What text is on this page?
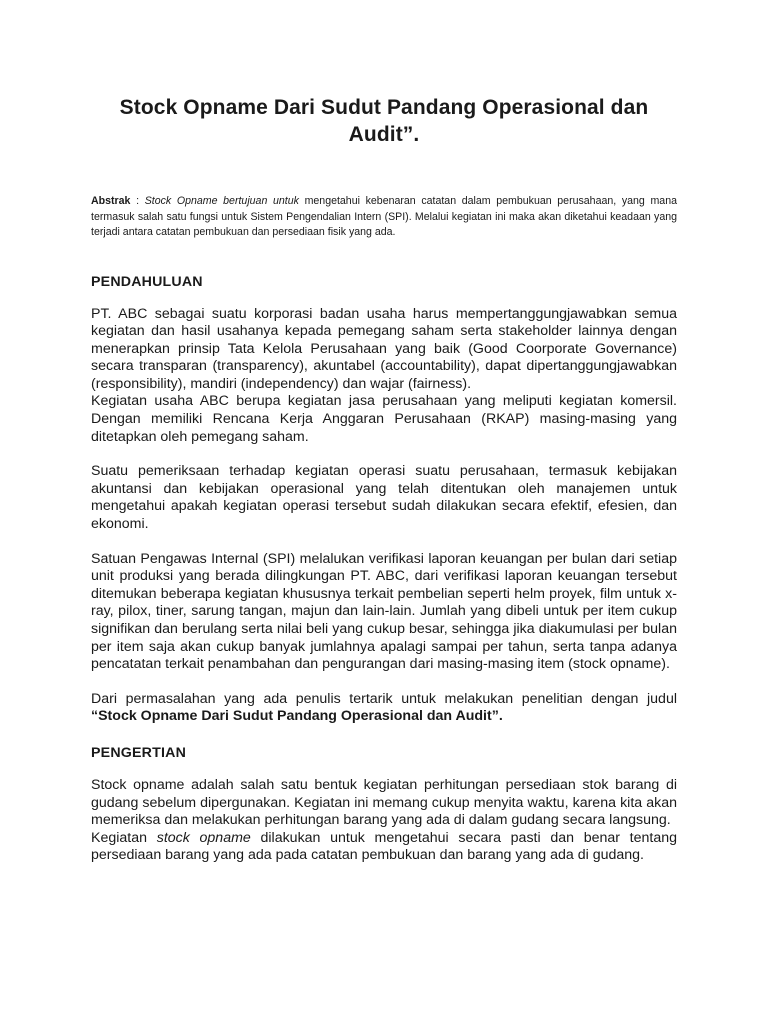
Stock Opname Dari Sudut Pandang Operasional dan Audit”.

Abstrak : Stock Opname bertujuan untuk mengetahui kebenaran catatan dalam pembukuan perusahaan, yang mana termasuk salah satu fungsi untuk Sistem Pengendalian Intern (SPI). Melalui kegiatan ini maka akan diketahui keadaan yang terjadi antara catatan pembukuan dan persediaan fisik yang ada.

PENDAHULUAN

PT. ABC sebagai suatu korporasi badan usaha harus mempertanggungjawabkan semua kegiatan dan hasil usahanya kepada pemegang saham serta stakeholder lainnya dengan menerapkan prinsip Tata Kelola Perusahaan yang baik (Good Coorporate Governance) secara transparan (transparency), akuntabel (accountability), dapat dipertanggungjawabkan (responsibility), mandiri (independency) dan wajar (fairness).

Kegiatan usaha ABC berupa kegiatan jasa perusahaan yang meliputi kegiatan komersil. Dengan memiliki Rencana Kerja Anggaran Perusahaan (RKAP) masing-masing yang ditetapkan oleh pemegang saham.

Suatu pemeriksaan terhadap kegiatan operasi suatu perusahaan, termasuk kebijakan akuntansi dan kebijakan operasional yang telah ditentukan oleh manajemen untuk mengetahui apakah kegiatan operasi tersebut sudah dilakukan secara efektif, efesien, dan ekonomi.

Satuan Pengawas Internal (SPI) melalukan verifikasi laporan keuangan per bulan dari setiap unit produksi yang berada dilingkungan PT. ABC, dari verifikasi laporan keuangan tersebut ditemukan beberapa kegiatan khususnya terkait pembelian seperti helm proyek, film untuk x-ray, pilox, tiner, sarung tangan, majun dan lain-lain. Jumlah yang dibeli untuk per item cukup signifikan dan berulang serta nilai beli yang cukup besar, sehingga jika diakumulasi per bulan per item saja akan cukup banyak jumlahnya apalagi sampai per tahun, serta tanpa adanya pencatatan terkait penambahan dan pengurangan dari masing-masing item (stock opname).

Dari permasalahan yang ada penulis tertarik untuk melakukan penelitian dengan judul “Stock Opname Dari Sudut Pandang Operasional dan Audit”.

PENGERTIAN

Stock opname adalah salah satu bentuk kegiatan perhitungan persediaan stok barang di gudang sebelum dipergunakan. Kegiatan ini memang cukup menyita waktu, karena kita akan memeriksa dan melakukan perhitungan barang yang ada di dalam gudang secara langsung.

Kegiatan stock opname dilakukan untuk mengetahui secara pasti dan benar tentang persediaan barang yang ada pada catatan pembukuan dan barang yang ada di gudang.
